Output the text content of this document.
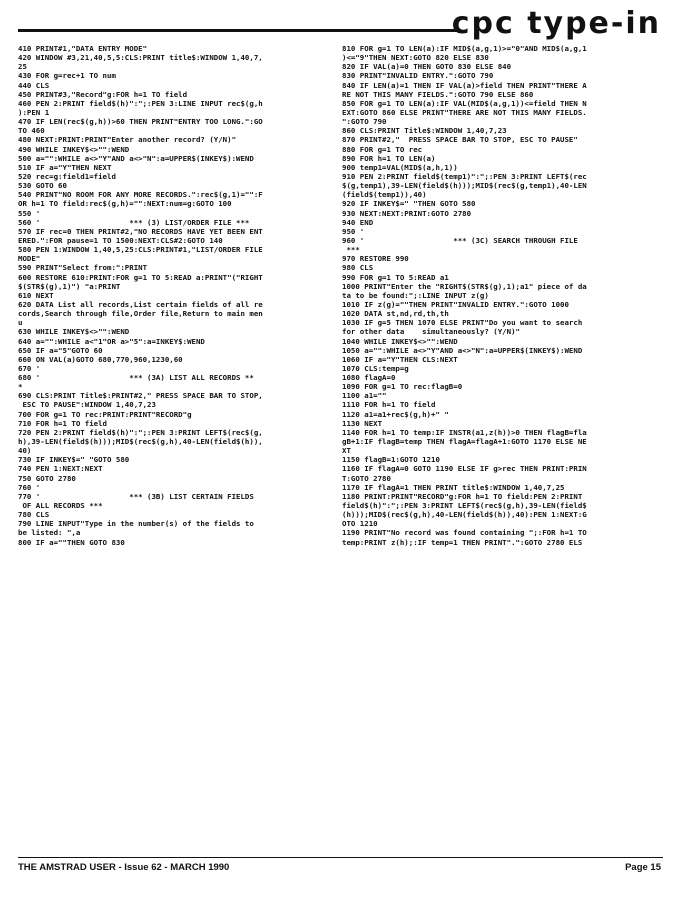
cpc type-in
410 PRINT#1,"DATA ENTRY MODE"
420 WINDOW #3,21,40,5,5:CLS:PRINT title$:WINDOW 1,40,7,
25
430 FOR g=rec+1 TO num
440 CLS
450 PRINT#3,"Record"g:FOR h=1 TO field
460 PEN 2:PRINT field$(h)":";:PEN 3:LINE INPUT rec$(g,h
):PEN 1
470 IF LEN(rec$(g,h))>60 THEN PRINT"ENTRY TOO LONG.":GO
TO 460
480 NEXT:PRINT:PRINT"Enter another record? (Y/N)"
490 WHILE INKEY$<>"":WEND
500 a="":WHILE a<>"Y"AND a<>"N":a=UPPER$(INKEY$):WEND
510 IF a="Y"THEN NEXT
520 rec=g:field1=field
530 GOTO 60
540 PRINT"NO ROOM FOR ANY MORE RECORDS.":rec$(g,1)="":F
OR h=1 TO field:rec$(g,h)="":NEXT:num=g:GOTO 100
550 '
560 '                    *** (3) LIST/ORDER FILE ***
570 IF rec=0 THEN PRINT#2,"NO RECORDS HAVE YET BEEN ENT
ERED.":FOR pause=1 TO 1500:NEXT:CLS#2:GOTO 140
580 PEN 1:WINDOW 1,40,5,25:CLS:PRINT#1,"LIST/ORDER FILE
MODE"
590 PRINT"Select from:":PRINT
600 RESTORE 610:PRINT:FOR g=1 TO 5:READ a:PRINT"("RIGHT
$(STR$(g),1)") "a:PRINT
610 NEXT
620 DATA List all records,List certain fields of all re
cords,Search through file,Order file,Return to main men
u
630 WHILE INKEY$<>"":WEND
640 a="":WHILE a<"1"OR a>"5":a=INKEY$:WEND
650 IF a="5"GOTO 60
660 ON VAL(a)GOTO 680,770,960,1230,60
670 '
680 '                    *** (3A) LIST ALL RECORDS **
*
690 CLS:PRINT Title$:PRINT#2," PRESS SPACE BAR TO STOP,
ESC TO PAUSE":WINDOW 1,40,7,23
700 FOR g=1 TO rec:PRINT:PRINT"RECORD"g
710 FOR h=1 TO field
720 PEN 2:PRINT field$(h)":";:PEN 3:PRINT LEFT$(rec$(g,
h),39-LEN(field$(h)));MID$(rec$(g,h),40-LEN(field$(h)),
40)
730 IF INKEY$=" "GOTO 580
740 PEN 1:NEXT:NEXT
750 GOTO 2780
760 '
770 '                    *** (3B) LIST CERTAIN FIELDS
OF ALL RECORDS ***
780 CLS
790 LINE INPUT"Type in the number(s) of the fields to
be listed: ",a
800 IF a=""THEN GOTO 830
810 FOR g=1 TO LEN(a):IF MID$(a,g,1)>="0"AND MID$(a,g,1
)<="9"THEN NEXT:GOTO 820 ELSE 830
820 IF VAL(a)=0 THEN GOTO 830 ELSE 840
830 PRINT"INVALID ENTRY.":GOTO 790
840 IF LEN(a)=1 THEN IF VAL(a)>field THEN PRINT"THERE A
RE NOT THIS MANY FIELDS.":GOTO 790 ELSE 860
850 FOR g=1 TO LEN(a):IF VAL(MID$(a,g,1))<=field THEN N
EXT:GOTO 860 ELSE PRINT"THERE ARE NOT THIS MANY FIELDS.
":GOTO 790
860 CLS:PRINT Title$:WINDOW 1,40,7,23
870 PRINT#2,"  PRESS SPACE BAR TO STOP, ESC TO PAUSE"
880 FOR g=1 TO rec
890 FOR h=1 TO LEN(a)
900 temp1=VAL(MID$(a,h,1))
910 PEN 2:PRINT field$(temp1)":";:PEN 3:PRINT LEFT$(rec
$(g,temp1),39-LEN(field$(h)));MID$(rec$(g,temp1),40-LEN
(field$(temp1)),40)
920 IF INKEY$=" "THEN GOTO 580
930 NEXT:NEXT:PRINT:GOTO 2780
940 END
950 '
960 '                    *** (3C) SEARCH THROUGH FILE
***
970 RESTORE 990
980 CLS
990 FOR g=1 TO 5:READ a1
1000 PRINT"Enter the "RIGHT$(STR$(g),1);a1" piece of da
ta to be found:";:LINE INPUT z(g)
1010 IF z(g)=""THEN PRINT"INVALID ENTRY.":GOTO 1000
1020 DATA st,nd,rd,th,th
1030 IF g=5 THEN 1070 ELSE PRINT"Do you want to search
for other data    simultaneously? (Y/N)"
1040 WHILE INKEY$<>"":WEND
1050 a="":WHILE a<>"Y"AND a<>"N":a=UPPER$(INKEY$):WEND
1060 IF a="Y"THEN CLS:NEXT
1070 CLS:temp=g
1080 flagA=0
1090 FOR g=1 TO rec:flagB=0
1100 a1=""
1110 FOR h=1 TO field
1120 a1=a1+rec$(g,h)+" "
1130 NEXT
1140 FOR h=1 TO temp:IF INSTR(a1,z(h))>0 THEN flagB=fla
gB+1:IF flagB=temp THEN flagA=flagA+1:GOTO 1170 ELSE NE
XT
1150 flagB=1:GOTO 1210
1160 IF flagA=0 GOTO 1190 ELSE IF g>rec THEN PRINT:PRIN
T:GOTO 2780
1170 IF flagA=1 THEN PRINT title$:WINDOW 1,40,7,25
1180 PRINT:PRINT"RECORD"g:FOR h=1 TO field:PEN 2:PRINT
field$(h)":";:PEN 3:PRINT LEFT$(rec$(g,h),39-LEN(field$
(h)));MID$(rec$(g,h),40-LEN(field$(h)),40):PEN 1:NEXT:G
OTO 1210
1190 PRINT"No record was found containing ";:FOR h=1 TO
temp:PRINT z(h);:IF temp=1 THEN PRINT".":GOTO 2780 ELS
THE AMSTRAD USER - Issue 62 - MARCH 1990	Page 15
